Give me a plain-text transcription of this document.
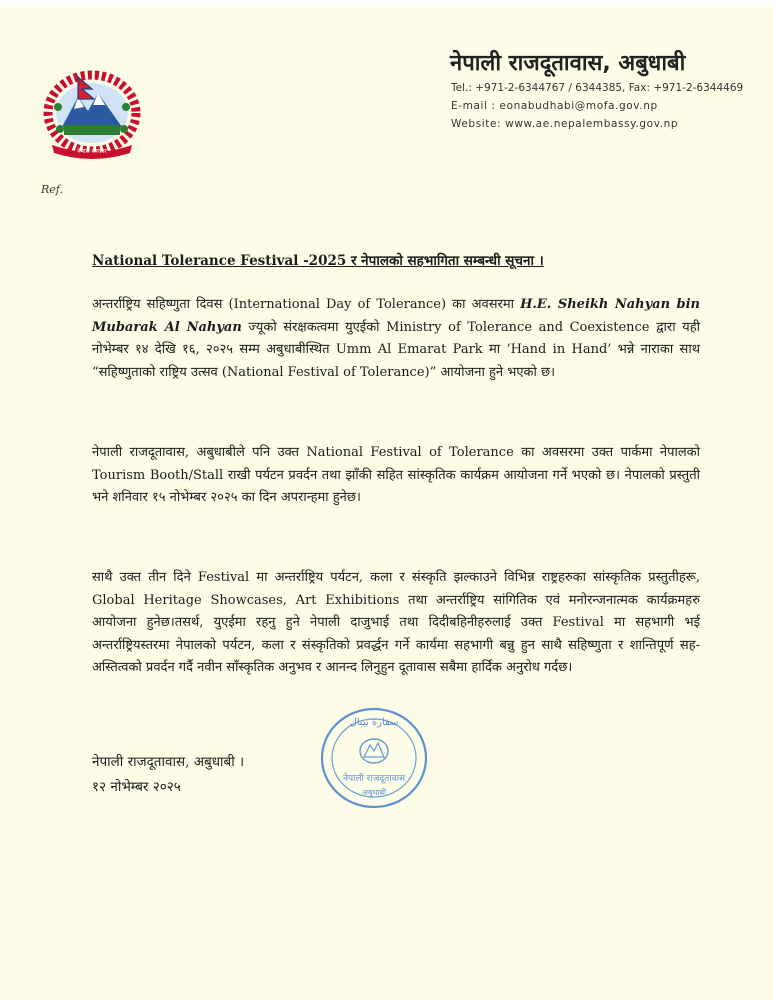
नेपाल सरकार
नेपाली राजदूतावास, अबुधाबी
Tel.: +971-2-6344767 / 6344385, Fax: +971-2-6344469
E-mail : eonabudhabi@mofa.gov.np
Website: www.ae.nepalembassy.gov.np
Ref.
National Tolerance Festival -2025 र नेपालको सहभागिता सम्बन्धी सूचना ।

अन्तर्राष्ट्रिय सहिष्णुता दिवस (International Day of Tolerance) का अवसरमा H.E. Sheikh Nahyan bin Mubarak Al Nahyan ज्यूको संरक्षकत्वमा युएईको Ministry of Tolerance and Coexistence द्वारा यही नोभेम्बर १४ देखि १६, २०२५ सम्म अबुधाबीस्थित Umm Al Emarat Park मा ‘Hand in Hand’ भन्ने नाराका साथ “सहिष्णुताको राष्ट्रिय उत्सव (National Festival of Tolerance)” आयोजना हुने भएको छ।

नेपाली राजदूतावास, अबुधाबीले पनि उक्त National Festival of Tolerance का अवसरमा उक्त पार्कमा नेपालको Tourism Booth/Stall राखी पर्यटन प्रवर्दन तथा झाँकी सहित सांस्कृतिक कार्यक्रम आयोजना गर्ने भएको छ। नेपालको प्रस्तुती भने शनिवार १५ नोभेम्बर २०२५ का दिन अपरान्हमा हुनेछ।

साथै उक्त तीन दिने Festival मा अन्तर्राष्ट्रिय पर्यटन, कला र संस्कृति झल्काउने विभिन्न राष्ट्रहरुका सांस्कृतिक प्रस्तुतीहरू, Global Heritage Showcases, Art Exhibitions तथा अन्तर्राष्ट्रिय सांगितिक एवं मनोरन्जनात्मक कार्यक्रमहरु आयोजना हुनेछ।तसर्थ, युएईमा रहनु हुने नेपाली दाजुभाई तथा दिदीबहिनीहरुलाई उक्त Festival मा सहभागी भई अन्तर्राष्ट्रियस्तरमा नेपालको पर्यटन, कला र संस्कृतिको प्रवर्द्धन गर्ने कार्यमा सहभागी बन्नु हुन साथै सहिष्णुता र शान्तिपूर्ण सह-अस्तित्वको प्रवर्दन गर्दै नवीन साँस्कृतिक अनुभव र आनन्द लिनुहुन दूतावास सबैमा हार्दिक अनुरोध गर्दछ।

سفارة نيبال
नेपाली राजदूतावास
अबुधाबी
नेपाली राजदूतावास, अबुधाबी ।
१२ नोभेम्बर २०२५
